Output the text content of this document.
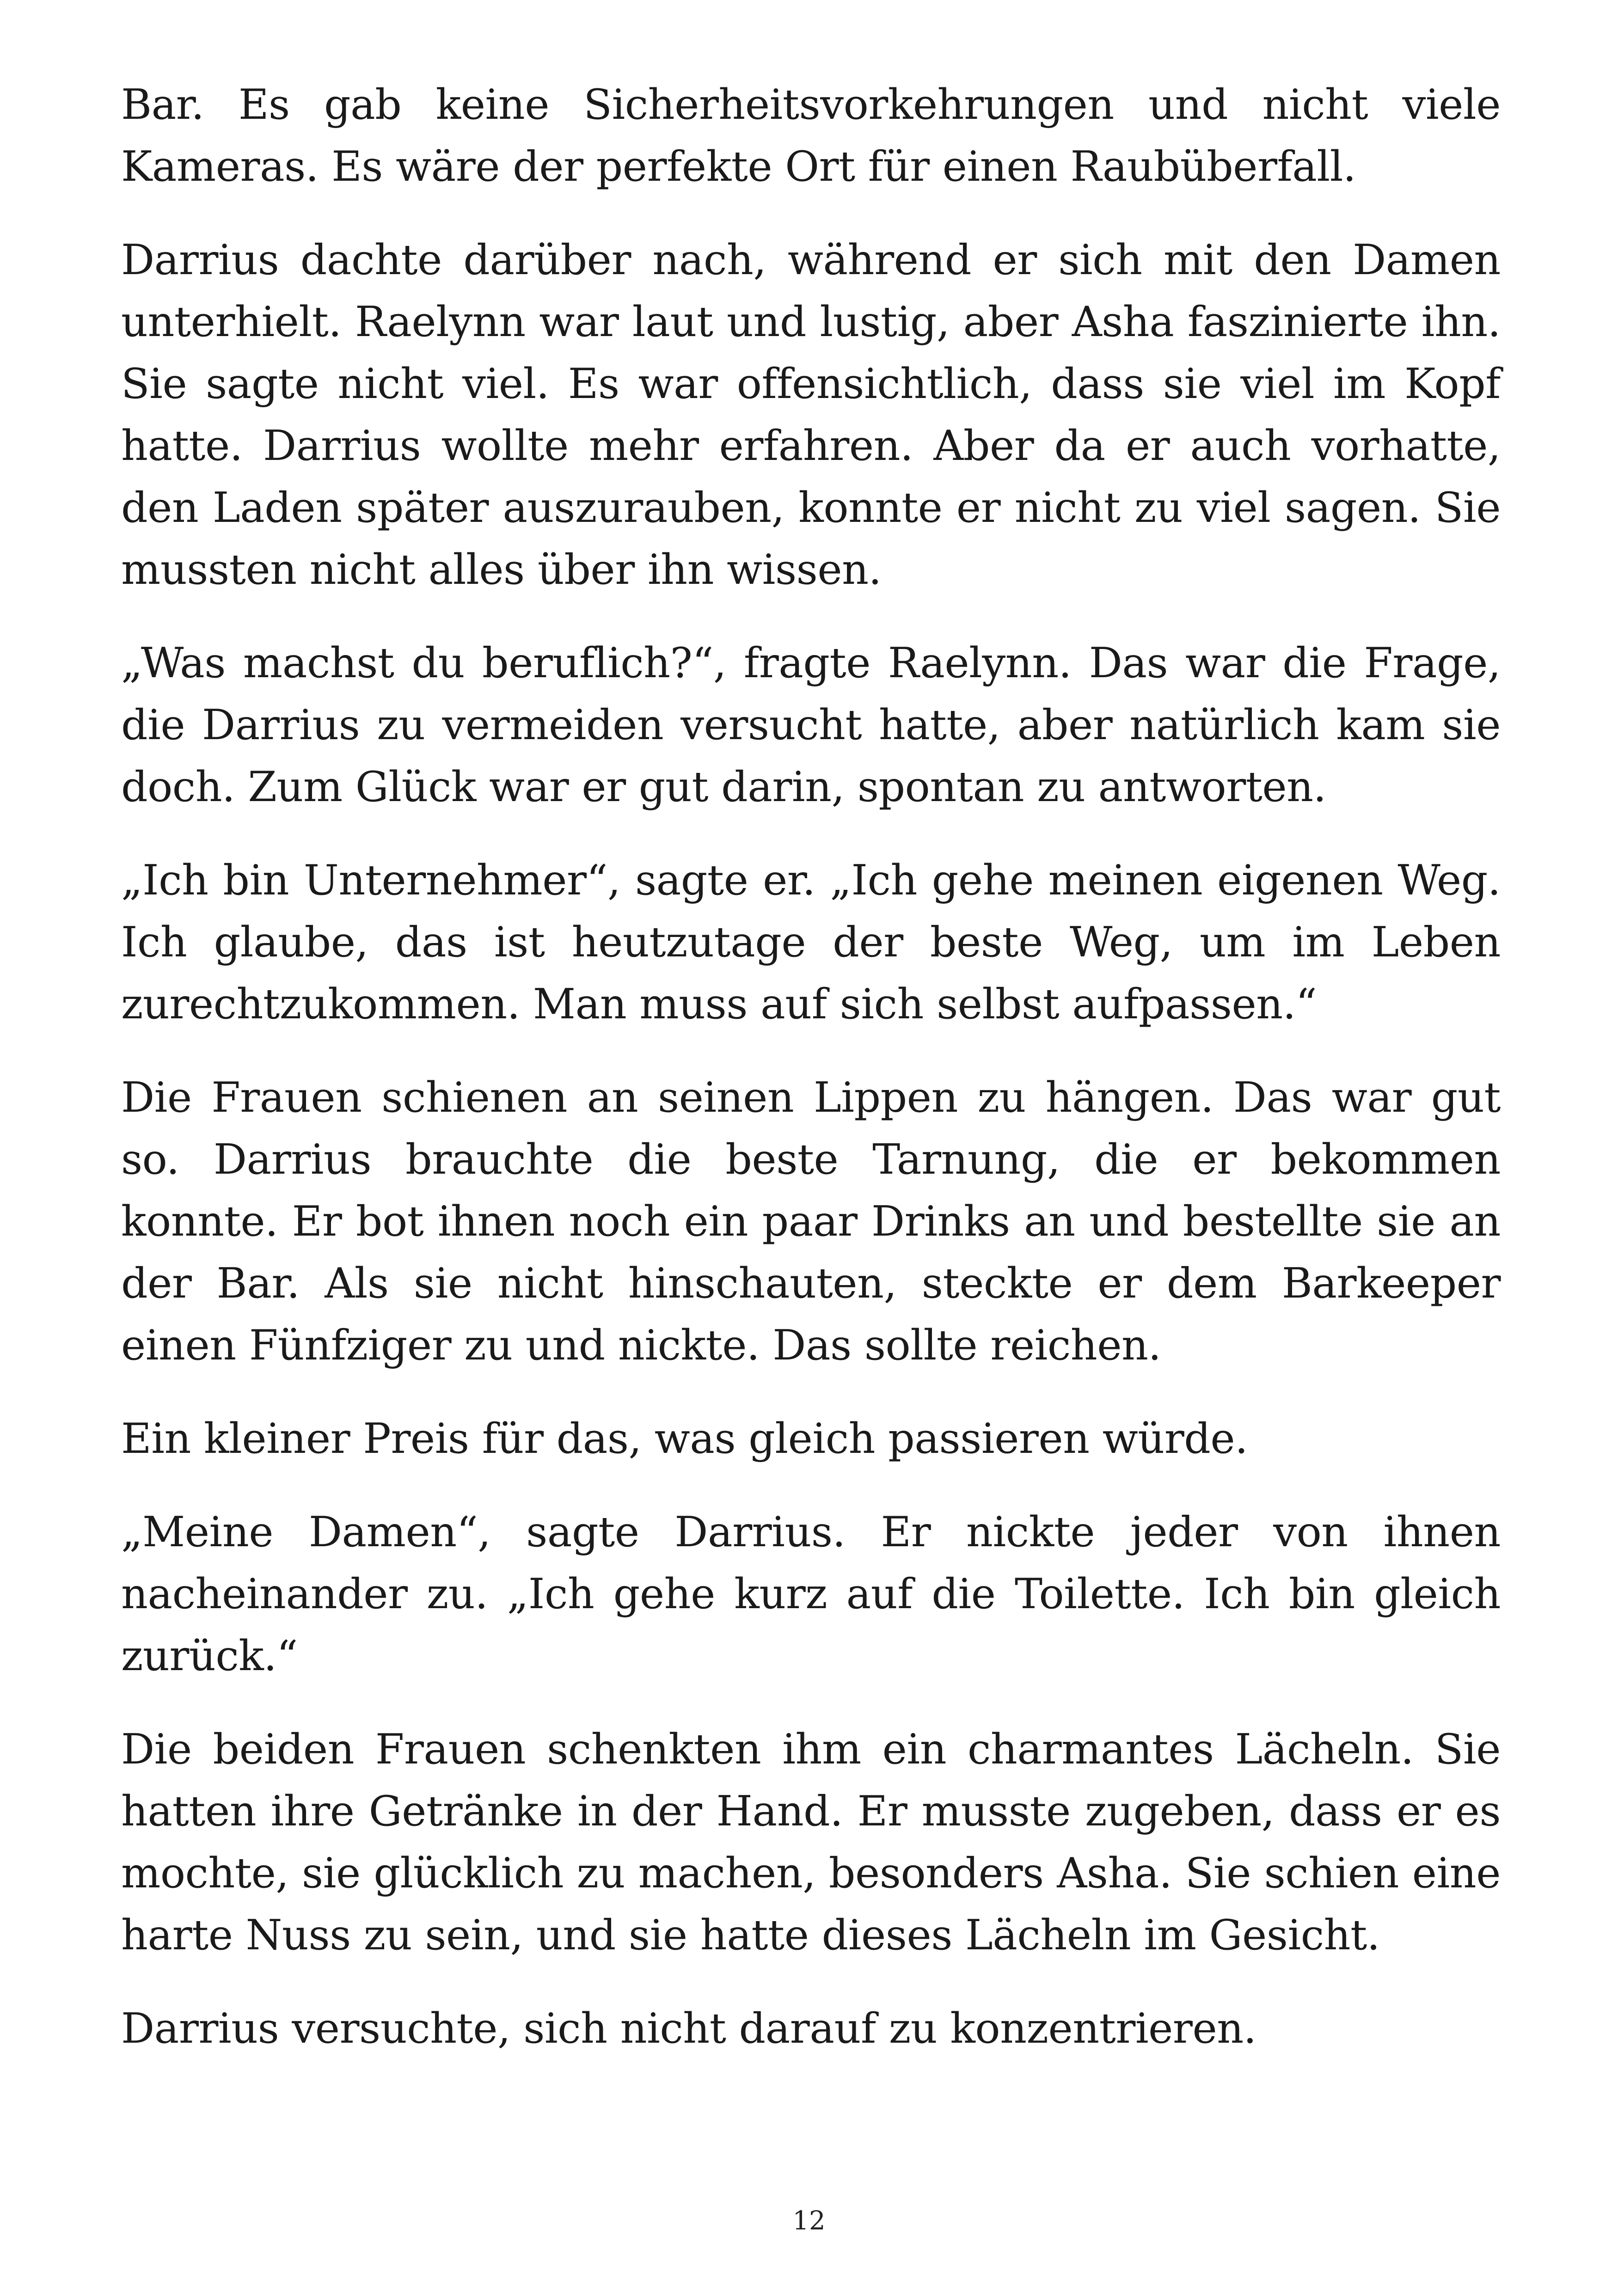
Bar. Es gab keine Sicherheitsvorkehrungen und nicht viele Kameras. Es wäre der perfekte Ort für einen Raubüberfall.

Darrius dachte darüber nach, während er sich mit den Damen unterhielt. Raelynn war laut und lustig, aber Asha faszinierte ihn. Sie sagte nicht viel. Es war offensichtlich, dass sie viel im Kopf hatte. Darrius wollte mehr erfahren. Aber da er auch vorhatte, den Laden später auszurauben, konnte er nicht zu viel sagen. Sie mussten nicht alles über ihn wissen.

„Was machst du beruflich?“, fragte Raelynn. Das war die Frage, die Darrius zu vermeiden versucht hatte, aber natürlich kam sie doch. Zum Glück war er gut darin, spontan zu antworten.

„Ich bin Unternehmer“, sagte er. „Ich gehe meinen eigenen Weg. Ich glaube, das ist heutzutage der beste Weg, um im Leben zurechtzukommen. Man muss auf sich selbst aufpassen.“

Die Frauen schienen an seinen Lippen zu hängen. Das war gut so. Darrius brauchte die beste Tarnung, die er bekommen konnte. Er bot ihnen noch ein paar Drinks an und bestellte sie an der Bar. Als sie nicht hinschauten, steckte er dem Barkeeper einen Fünfziger zu und nickte. Das sollte reichen.

Ein kleiner Preis für das, was gleich passieren würde.

„Meine Damen“, sagte Darrius. Er nickte jeder von ihnen nacheinander zu. „Ich gehe kurz auf die Toilette. Ich bin gleich zurück.“

Die beiden Frauen schenkten ihm ein charmantes Lächeln. Sie hatten ihre Getränke in der Hand. Er musste zugeben, dass er es mochte, sie glücklich zu machen, besonders Asha. Sie schien eine harte Nuss zu sein, und sie hatte dieses Lächeln im Gesicht.

Darrius versuchte, sich nicht darauf zu konzentrieren.

12
